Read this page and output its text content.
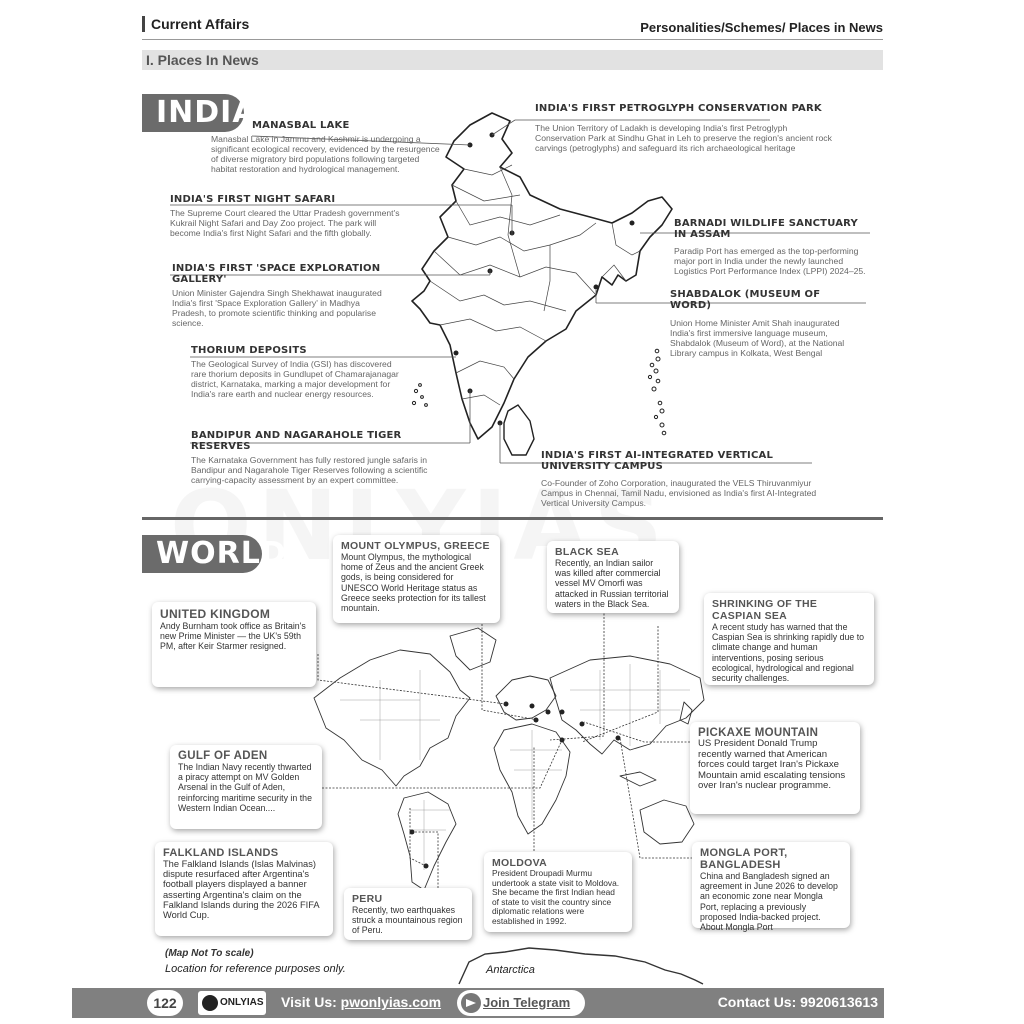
Current Affairs	Personalities/Schemes/ Places in News
I. Places In News
INDIA
MANASBAL LAKE
Manasbal Lake in Jammu and Kashmir is undergoing a significant ecological recovery, evidenced by the resurgence of diverse migratory bird populations following targeted habitat restoration and hydrological management.
INDIA'S FIRST NIGHT SAFARI
The Supreme Court cleared the Uttar Pradesh government's Kukrail Night Safari and Day Zoo project. The park will become India's first Night Safari and the fifth globally.
INDIA'S FIRST 'SPACE EXPLORATION GALLERY'
Union Minister Gajendra Singh Shekhawat inaugurated India's first 'Space Exploration Gallery' in Madhya Pradesh, to promote scientific thinking and popularise science.
THORIUM DEPOSITS
The Geological Survey of India (GSI) has discovered rare thorium deposits in Gundlupet of Chamarajanagar district, Karnataka, marking a major development for India's rare earth and nuclear energy resources.
BANDIPUR AND NAGARAHOLE TIGER RESERVES
The Karnataka Government has fully restored jungle safaris in Bandipur and Nagarahole Tiger Reserves following a scientific carrying-capacity assessment by an expert committee.
INDIA'S FIRST PETROGLYPH CONSERVATION PARK
The Union Territory of Ladakh is developing India's first Petroglyph Conservation Park at Sindhu Ghat in Leh to preserve the region's ancient rock carvings (petroglyphs) and safeguard its rich archaeological heritage
BARNADI WILDLIFE SANCTUARY IN ASSAM
Paradip Port has emerged as the top-performing major port in India under the newly launched Logistics Port Performance Index (LPPI) 2024–25.
SHABDALOK (MUSEUM OF WORD)
Union Home Minister Amit Shah inaugurated India's first immersive language museum, Shabdalok (Museum of Word), at the National Library campus in Kolkata, West Bengal
INDIA'S FIRST AI-INTEGRATED VERTICAL UNIVERSITY CAMPUS
Co-Founder of Zoho Corporation, inaugurated the VELS Thiruvanmiyur Campus in Chennai, Tamil Nadu, envisioned as India's first AI-Integrated Vertical University Campus.
WORLD	MOUNT OLYMPUS, GREECE
Mount Olympus, the mythological home of Zeus and the ancient Greek gods, is being considered for UNESCO World Heritage status as Greece seeks protection for its tallest mountain.
BLACK SEA
Recently, an Indian sailor was killed after commercial vessel MV Omorfi was attacked in Russian territorial waters in the Black Sea.
UNITED KINGDOM
Andy Burnham took office as Britain's new Prime Minister — the UK's 59th PM, after Keir Starmer resigned.
SHRINKING OF THE CASPIAN SEA
A recent study has warned that the Caspian Sea is shrinking rapidly due to climate change and human interventions, posing serious ecological, hydrological and regional security challenges.
PICKAXE MOUNTAIN
US President Donald Trump recently warned that American forces could target Iran's Pickaxe Mountain amid escalating tensions over Iran's nuclear programme.
GULF OF ADEN
The Indian Navy recently thwarted a piracy attempt on MV Golden Arsenal in the Gulf of Aden, reinforcing maritime security in the Western Indian Ocean....
FALKLAND ISLANDS
The Falkland Islands (Islas Malvinas) dispute resurfaced after Argentina's football players displayed a banner asserting Argentina's claim on the Falkland Islands during the 2026 FIFA World Cup.
PERU
Recently, two earthquakes struck a mountainous region of Peru.
MOLDOVA
President Droupadi Murmu undertook a state visit to Moldova. She became the first Indian head of state to visit the country since diplomatic relations were established in 1992.
MONGLA PORT, BANGLADESH
China and Bangladesh signed an agreement in June 2026 to develop an economic zone near Mongla Port, replacing a previously proposed India-backed project. About Mongla Port
(Map Not To scale)
Location for reference purposes only.	Antarctica
122	ONLYIAS Visit Us: pwonlyias.com	Join Telegram	Contact Us: 9920613613
